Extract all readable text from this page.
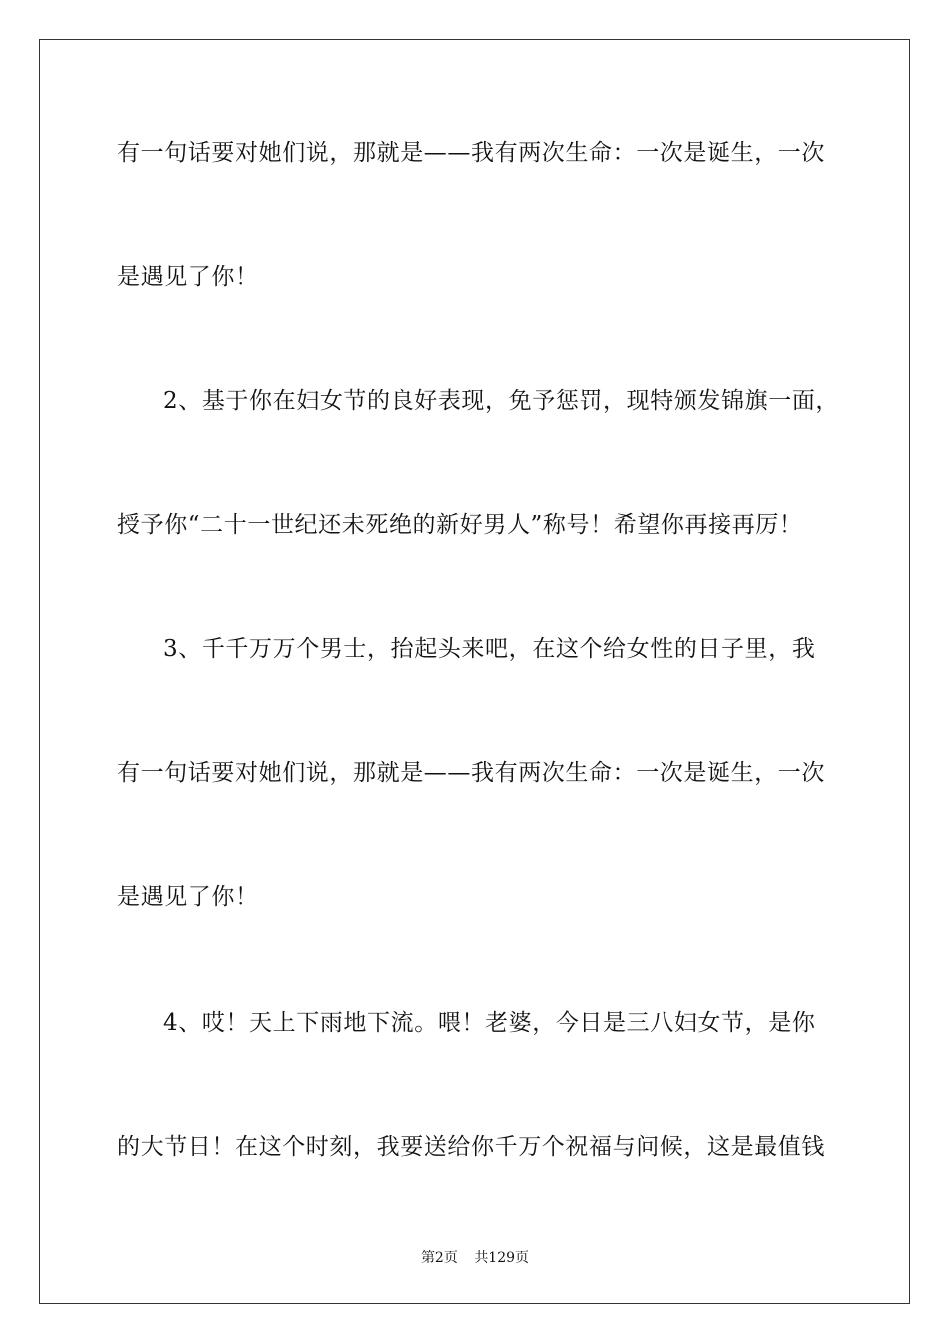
有一句话要对她们说，那就是——我有两次生命：一次是诞生，一次
是遇见了你！
2、基于你在妇女节的良好表现，免予惩罚，现特颁发锦旗一面，
授予你“二十一世纪还未死绝的新好男人”称号！希望你再接再厉！
3、千千万万个男士，抬起头来吧，在这个给女性的日子里，我
有一句话要对她们说，那就是——我有两次生命：一次是诞生，一次
是遇见了你！
4、哎！天上下雨地下流。喂！老婆，今日是三八妇女节，是你
的大节日！在这个时刻，我要送给你千万个祝福与问候，这是最值钱
第2页 共129页
